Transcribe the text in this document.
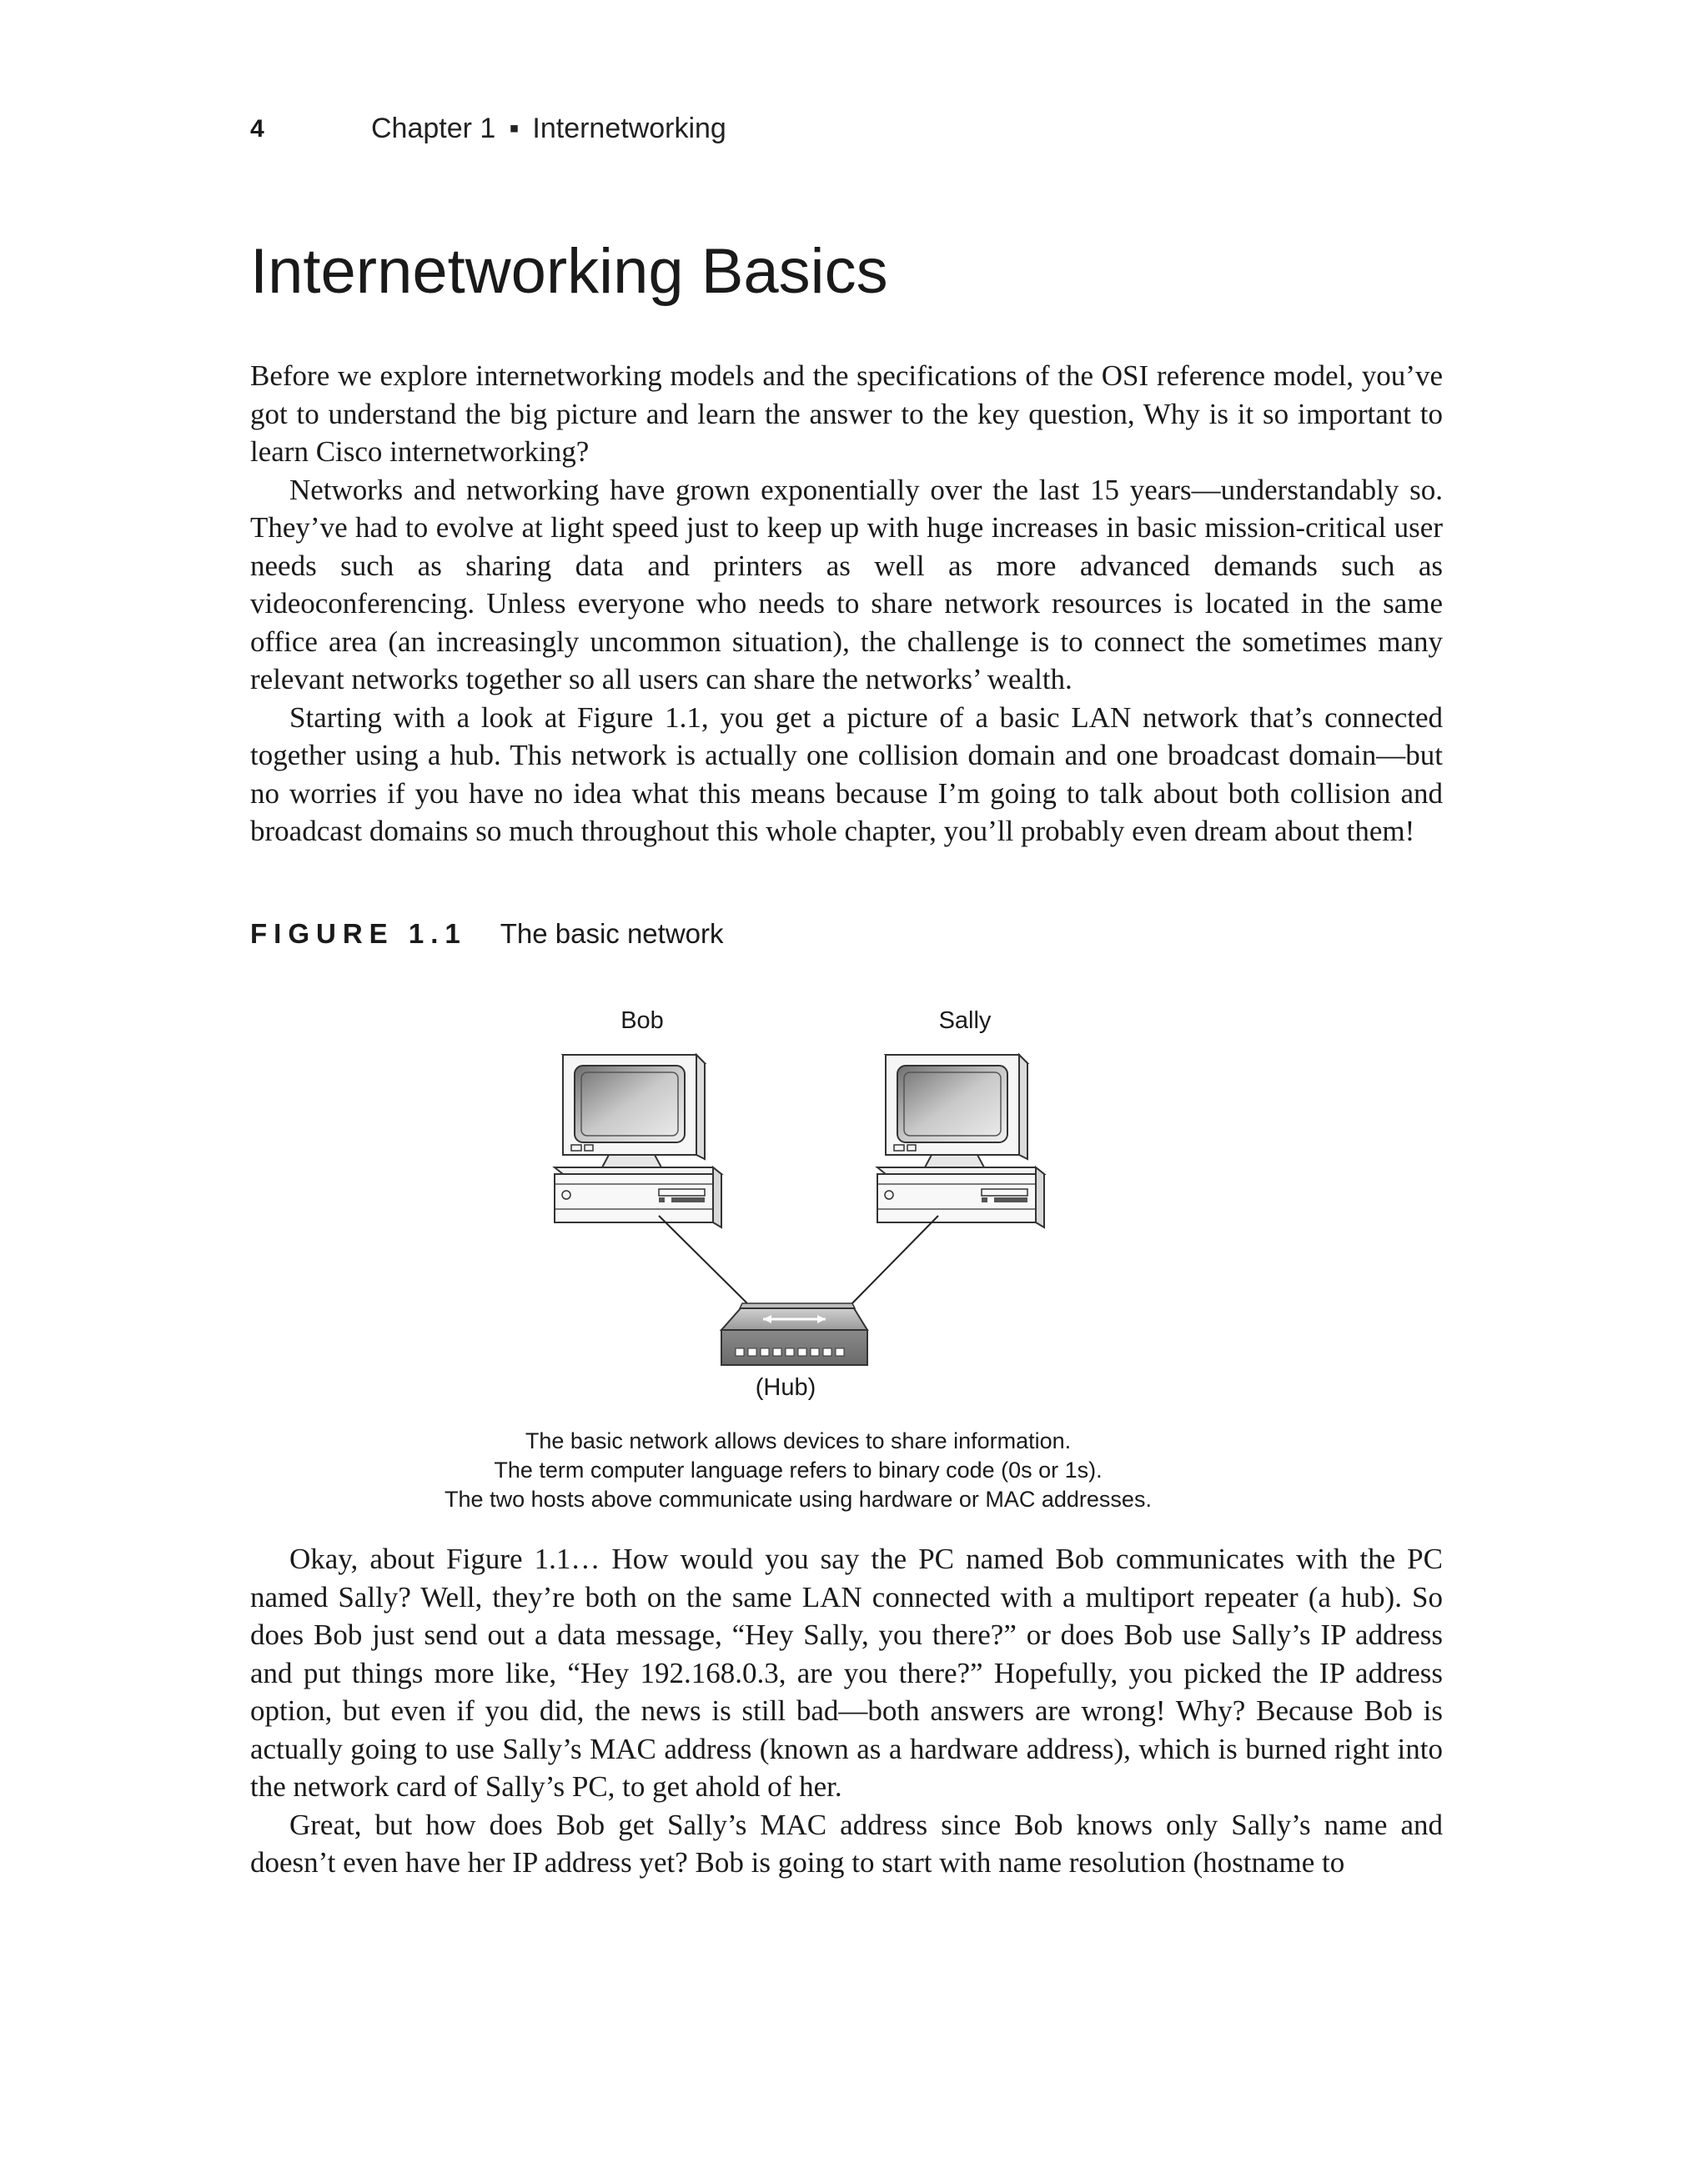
4	Chapter 1 ▪ Internetworking
Internetworking Basics

Before we explore internetworking models and the specifications of the OSI reference model, you’ve got to understand the big picture and learn the answer to the key question, Why is it so important to learn Cisco internetworking?

Networks and networking have grown exponentially over the last 15 years—understandably so. They’ve had to evolve at light speed just to keep up with huge increases in basic mission-critical user needs such as sharing data and printers as well as more advanced demands such as videoconferencing. Unless everyone who needs to share network resources is located in the same office area (an increasingly uncommon situation), the challenge is to connect the sometimes many relevant networks together so all users can share the networks’ wealth.

Starting with a look at Figure 1.1, you get a picture of a basic LAN network that’s connected together using a hub. This network is actually one collision domain and one broadcast domain—but no worries if you have no idea what this means because I’m going to talk about both collision and broadcast domains so much throughout this whole chapter, you’ll probably even dream about them!

FIGURE 1.1 The basic network
Bob	Sally
(Hub)
The basic network allows devices to share information.
The term computer language refers to binary code (0s or 1s).
The two hosts above communicate using hardware or MAC addresses.

Okay, about Figure 1.1… How would you say the PC named Bob communicates with the PC named Sally? Well, they’re both on the same LAN connected with a multiport repeater (a hub). So does Bob just send out a data message, “Hey Sally, you there?” or does Bob use Sally’s IP address and put things more like, “Hey 192.168.0.3, are you there?” Hopefully, you picked the IP address option, but even if you did, the news is still bad—both answers are wrong! Why? Because Bob is actually going to use Sally’s MAC address (known as a hardware address), which is burned right into the network card of Sally’s PC, to get ahold of her.

Great, but how does Bob get Sally’s MAC address since Bob knows only Sally’s name and doesn’t even have her IP address yet? Bob is going to start with name resolution (hostname to
